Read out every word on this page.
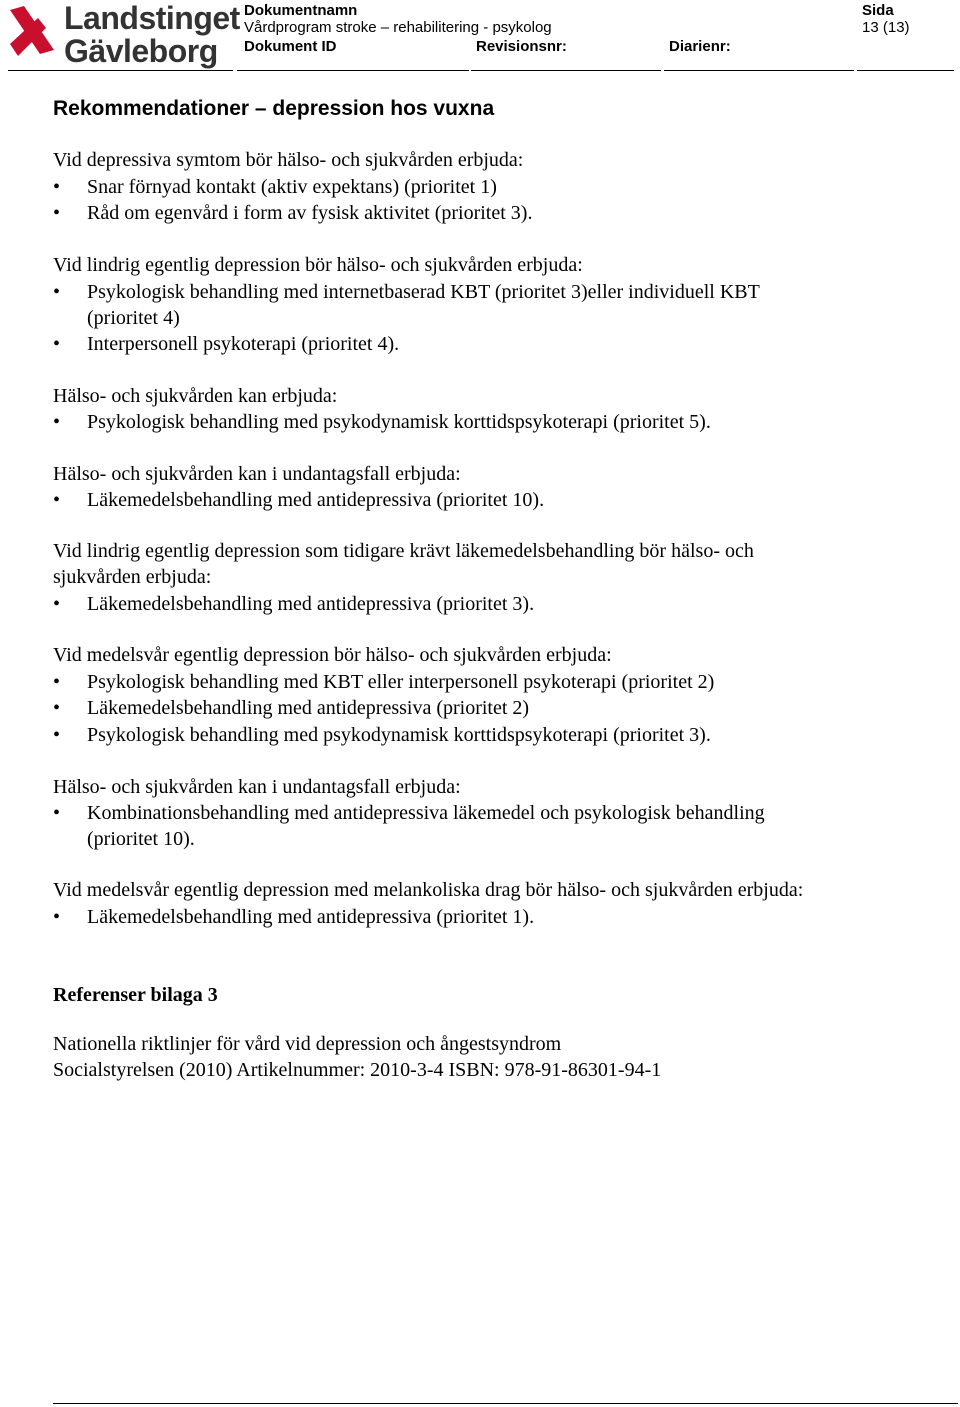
Landstinget
Gävleborg
Dokumentnamn
Vårdprogram stroke – rehabilitering - psykolog
Dokument ID	Revisionsnr:	Diarienr:
Sida
13 (13)
Rekommendationer – depression hos vuxna
Vid depressiva symtom bör hälso- och sjukvården erbjuda:
• Snar förnyad kontakt (aktiv expektans) (prioritet 1)
• Råd om egenvård i form av fysisk aktivitet (prioritet 3).
Vid lindrig egentlig depression bör hälso- och sjukvården erbjuda:
• Psykologisk behandling med internetbaserad KBT (prioritet 3)eller individuell KBT
(prioritet 4)
• Interpersonell psykoterapi (prioritet 4).
Hälso- och sjukvården kan erbjuda:
• Psykologisk behandling med psykodynamisk korttidspsykoterapi (prioritet 5).
Hälso- och sjukvården kan i undantagsfall erbjuda:
• Läkemedelsbehandling med antidepressiva (prioritet 10).
Vid lindrig egentlig depression som tidigare krävt läkemedelsbehandling bör hälso- och
sjukvården erbjuda:
• Läkemedelsbehandling med antidepressiva (prioritet 3).
Vid medelsvår egentlig depression bör hälso- och sjukvården erbjuda:
• Psykologisk behandling med KBT eller interpersonell psykoterapi (prioritet 2)
• Läkemedelsbehandling med antidepressiva (prioritet 2)
• Psykologisk behandling med psykodynamisk korttidspsykoterapi (prioritet 3).
Hälso- och sjukvården kan i undantagsfall erbjuda:
• Kombinationsbehandling med antidepressiva läkemedel och psykologisk behandling
(prioritet 10).
Vid medelsvår egentlig depression med melankoliska drag bör hälso- och sjukvården erbjuda:
• Läkemedelsbehandling med antidepressiva (prioritet 1).
Referenser bilaga 3
Nationella riktlinjer för vård vid depression och ångestsyndrom
Socialstyrelsen (2010) Artikelnummer: 2010-3-4 ISBN: 978-91-86301-94-1
